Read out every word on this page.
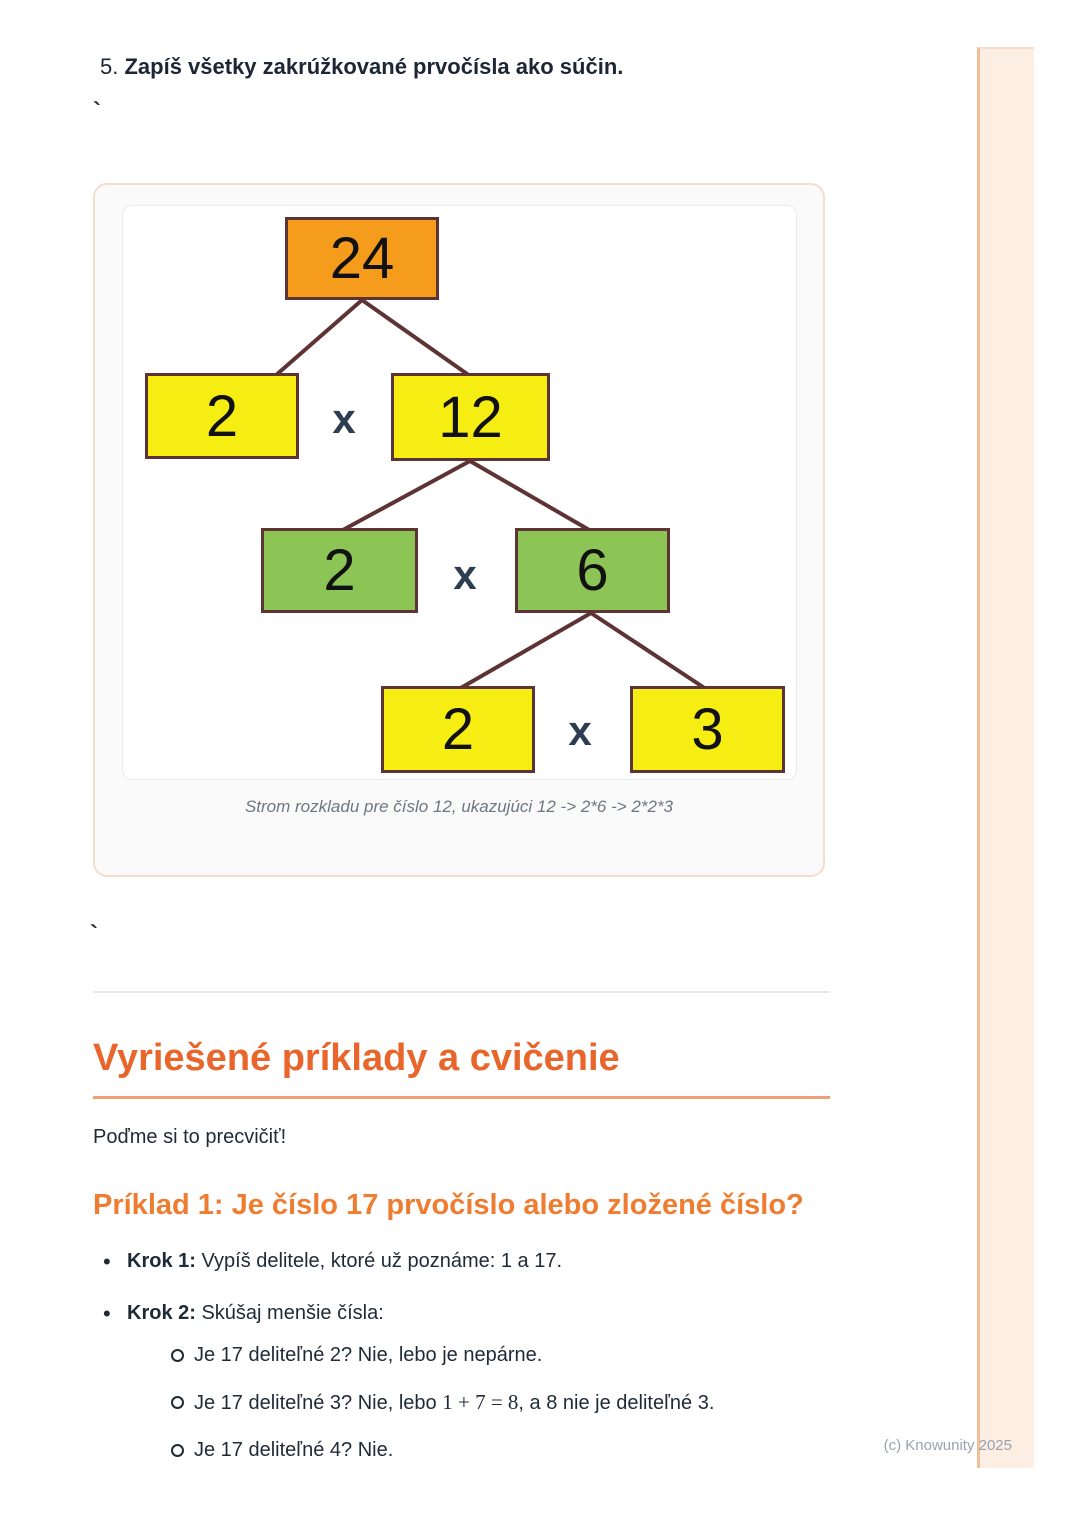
5. Zapíš všetky zakrúžkované prvočísla ako súčin.
`
24
2	x	12
2	x	6
2	x	3
Strom rozkladu pre číslo 12, ukazujúci 12 -> 2*6 -> 2*2*3
`
Vyriešené príklady a cvičenie

Poďme si to precvičiť!

Príklad 1: Je číslo 17 prvočíslo alebo zložené číslo?
• Krok 1: Vypíš delitele, ktoré už poznáme: 1 a 17.
• Krok 2: Skúšaj menšie čísla:
Je 17 deliteľné 2? Nie, lebo je nepárne.
Je 17 deliteľné 3? Nie, lebo 1 + 7 = 8, a 8 nie je deliteľné 3.
Je 17 deliteľné 4? Nie.	(c) Knowunity 2025
